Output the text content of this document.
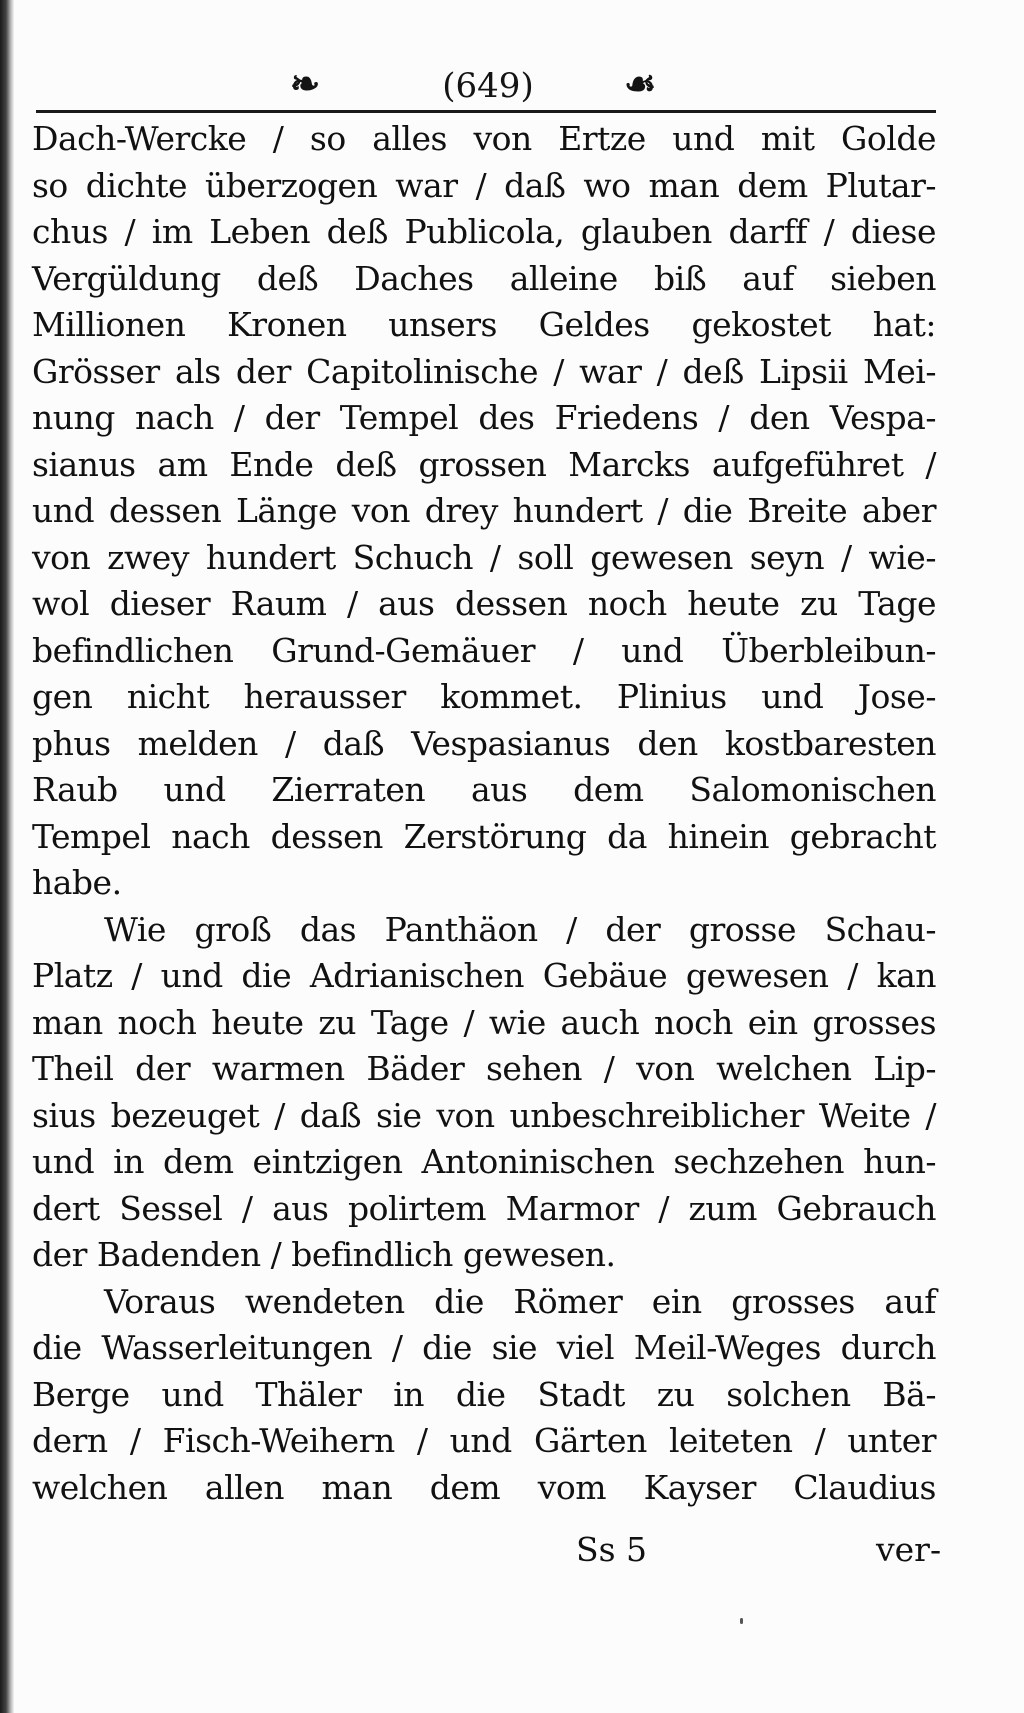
❧	(649)	☙
Dach-Wercke / so alles von Ertze und mit Golde
so dichte überzogen war / daß wo man dem Plutar-
chus / im Leben deß Publicola, glauben darff / diese
Vergüldung deß Daches alleine biß auf sieben
Millionen Kronen unsers Geldes gekostet hat:
Grösser als der Capitolinische / war / deß Lipsii Mei-
nung nach / der Tempel des Friedens / den Vespa-
sianus am Ende deß grossen Marcks aufgeführet /
und dessen Länge von drey hundert / die Breite aber
von zwey hundert Schuch / soll gewesen seyn / wie-
wol dieser Raum / aus dessen noch heute zu Tage
befindlichen Grund-Gemäuer / und Überbleibun-
gen nicht herausser kommet. Plinius und Jose-
phus melden / daß Vespasianus den kostbaresten
Raub und Zierraten aus dem Salomonischen
Tempel nach dessen Zerstörung da hinein gebracht
habe.
Wie groß das Panthäon / der grosse Schau-
Platz / und die Adrianischen Gebäue gewesen / kan
man noch heute zu Tage / wie auch noch ein grosses
Theil der warmen Bäder sehen / von welchen Lip-
sius bezeuget / daß sie von unbeschreiblicher Weite /
und in dem eintzigen Antoninischen sechzehen hun-
dert Sessel / aus polirtem Marmor / zum Gebrauch
der Badenden / befindlich gewesen.
Voraus wendeten die Römer ein grosses auf
die Wasserleitungen / die sie viel Meil-Weges durch
Berge und Thäler in die Stadt zu solchen Bä-
dern / Fisch-Weihern / und Gärten leiteten / unter
welchen allen man dem vom Kayser Claudius
Ss 5	ver-
